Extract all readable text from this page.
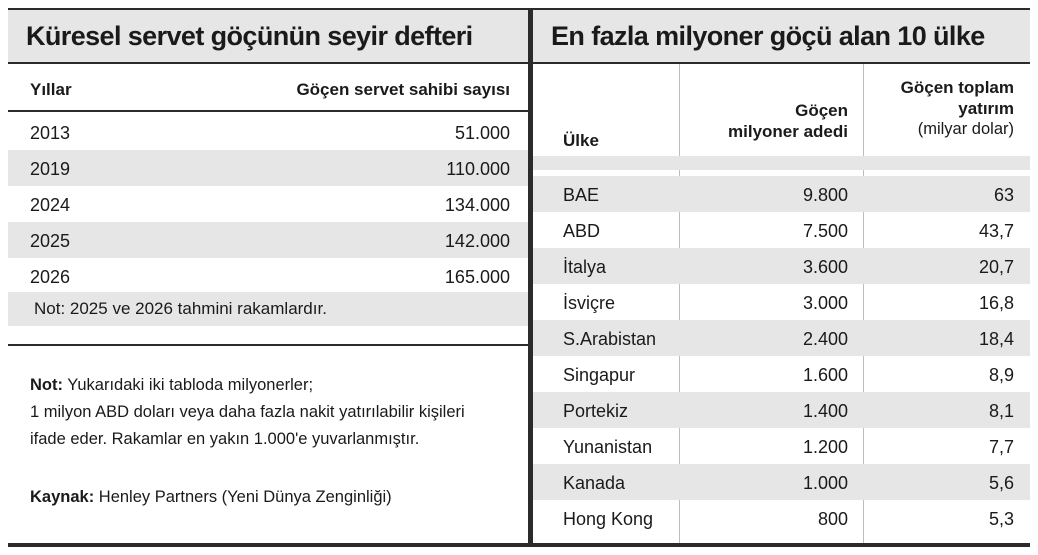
Küresel servet göçünün seyir defteri
Yıllar	Göçen servet sahibi sayısı
2013	51.000
2019	110.000
2024	134.000
2025	142.000
2026	165.000
Not: 2025 ve 2026 tahmini rakamlardır.
Not: Yukarıdaki iki tabloda milyonerler;
1 milyon ABD doları veya daha fazla nakit yatırılabilir kişileri
ifade eder. Rakamlar en yakın 1.000'e yuvarlanmıştır.
Kaynak: Henley Partners (Yeni Dünya Zenginliği)
En fazla milyoner göçü alan 10 ülke
Ülke
Göçen
milyoner adedi
Göçen toplam
yatırım
(milyar dolar)
BAE	9.800	63
ABD	7.500	43,7
İtalya	3.600	20,7
İsviçre	3.000	16,8
S.Arabistan	2.400	18,4
Singapur	1.600	8,9
Portekiz	1.400	8,1
Yunanistan	1.200	7,7
Kanada	1.000	5,6
Hong Kong	800	5,3
